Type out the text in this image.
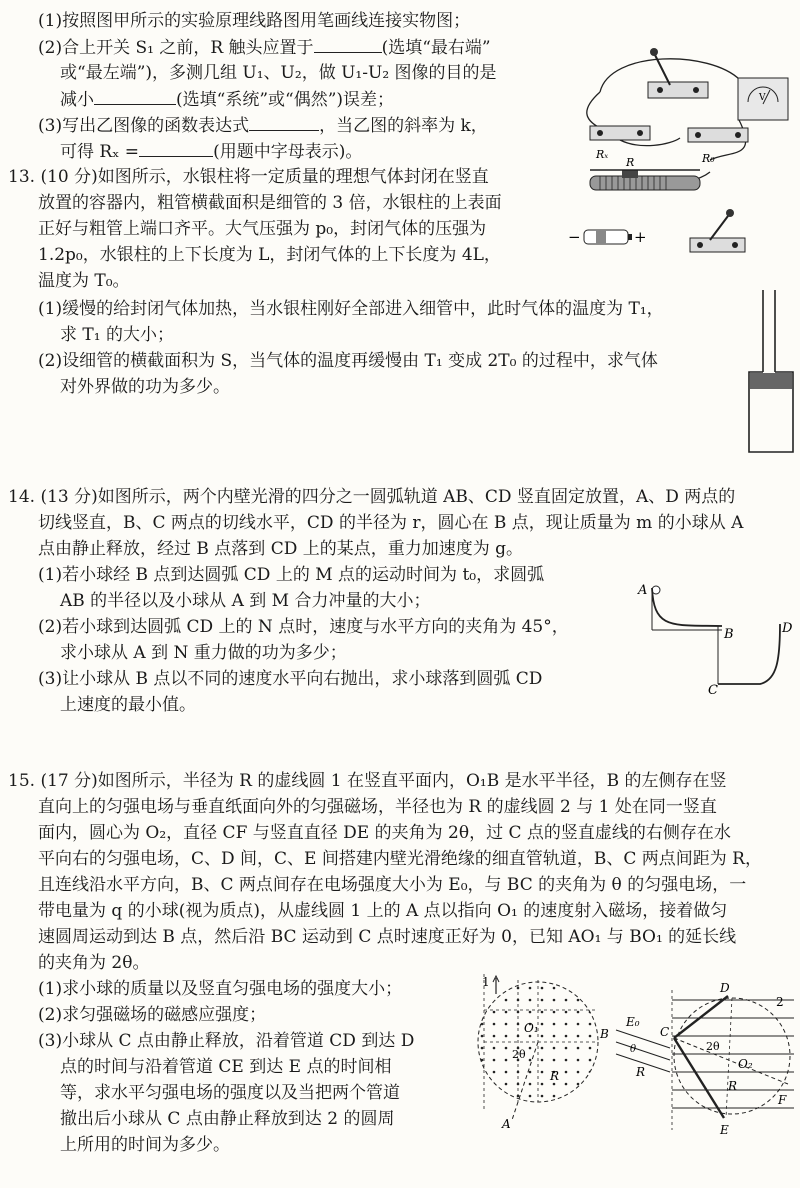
(1)按照图甲所示的实验原理线路图用笔画线连接实物图；
(2)合上开关 S₁ 之前，R 触头应置于	(选填“最右端”
或“最左端”)，多测几组 U₁、U₂，做 U₁-U₂ 图像的目的是
减小	(选填“系统”或“偶然”)误差；
(3)写出乙图像的函数表达式	，当乙图的斜率为 k，
可得 Rₓ =	(用题中字母表示)。
V
Rₓ	R₀
R
−	+
13. (10 分)如图所示，水银柱将一定质量的理想气体封闭在竖直
放置的容器内，粗管横截面积是细管的 3 倍，水银柱的上表面
正好与粗管上端口齐平。大气压强为 p₀，封闭气体的压强为
1.2p₀，水银柱的上下长度为 L，封闭气体的上下长度为 4L，
温度为 T₀。
(1)缓慢的给封闭气体加热，当水银柱刚好全部进入细管中，此时气体的温度为 T₁，
求 T₁ 的大小；
(2)设细管的横截面积为 S，当气体的温度再缓慢由 T₁ 变成 2T₀ 的过程中，求气体
对外界做的功为多少。
14. (13 分)如图所示，两个内壁光滑的四分之一圆弧轨道 AB、CD 竖直固定放置，A、D 两点的
切线竖直，B、C 两点的切线水平，CD 的半径为 r，圆心在 B 点，现让质量为 m 的小球从 A
点由静止释放，经过 B 点落到 CD 上的某点，重力加速度为 g。
(1)若小球经 B 点到达圆弧 CD 上的 M 点的运动时间为 t₀，求圆弧
AB 的半径以及小球从 A 到 M 合力冲量的大小；
(2)若小球到达圆弧 CD 上的 N 点时，速度与水平方向的夹角为 45°，
求小球从 A 到 N 重力做的功为多少；
(3)让小球从 B 点以不同的速度水平向右抛出，求小球落到圆弧 CD
上速度的最小值。
A
B	D
C
15. (17 分)如图所示，半径为 R 的虚线圆 1 在竖直平面内，O₁B 是水平半径，B 的左侧存在竖
直向上的匀强电场与垂直纸面向外的匀强磁场，半径也为 R 的虚线圆 2 与 1 处在同一竖直
面内，圆心为 O₂，直径 CF 与竖直直径 DE 的夹角为 2θ，过 C 点的竖直虚线的右侧存在水
平向右的匀强电场，C、D 间，C、E 间搭建内壁光滑绝缘的细直管轨道，B、C 两点间距为 R，
且连线沿水平方向，B、C 两点间存在电场强度大小为 E₀，与 BC 的夹角为 θ 的匀强电场，一
带电量为 q 的小球(视为质点)，从虚线圆 1 上的 A 点以指向 O₁ 的速度射入磁场，接着做匀
速圆周运动到达 B 点，然后沿 BC 运动到 C 点时速度正好为 0，已知 AO₁ 与 BO₁ 的延长线
的夹角为 2θ。
(1)求小球的质量以及竖直匀强电场的强度大小；
(2)求匀强磁场的磁感应强度；
(3)小球从 C 点由静止释放，沿着管道 CD 到达 D
点的时间与沿着管道 CE 到达 E 点的时间相
等，求水平匀强电场的强度以及当把两个管道
撤出后小球从 C 点由静止释放到达 2 的圆周
上所用的时间为多少。
1
O₁
2θ
R
A
B
E₀
θ
R
D
2
C
2θ
O₂
R
F
E
